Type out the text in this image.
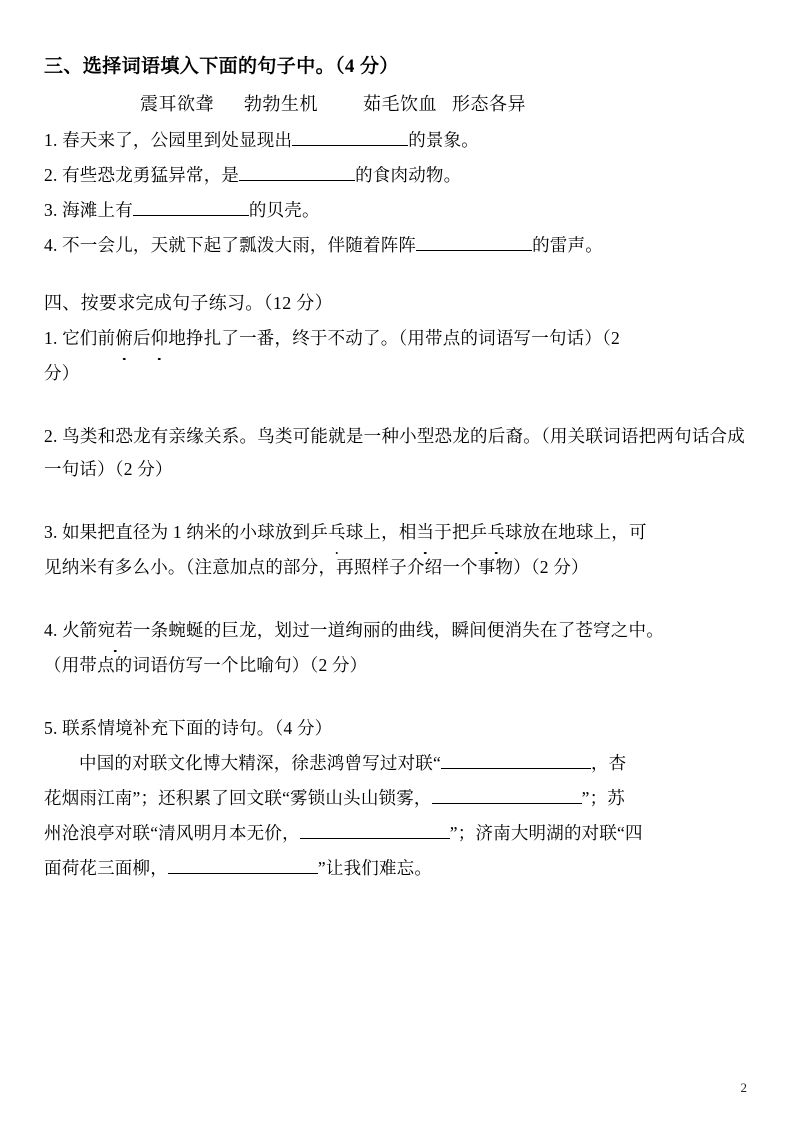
三、选择词语填入下面的句子中。（4 分）
震耳欲聋      勃勃生机         茹毛饮血   形态各异

1. 春天来了，公园里到处显现出	的景象。

2. 有些恐龙勇猛异常，是	的食肉动物。

3. 海滩上有	的贝壳。

4. 不一会儿，天就下起了瓢泼大雨，伴随着阵阵	的雷声。

四、按要求完成句子练习。（12 分）

1. 它们前俯后仰地挣扎了一番，终于不动了。（用带点的词语写一句话）（2

分）

2. 鸟类和恐龙有亲缘关系。鸟类可能就是一种小型恐龙的后裔。（用关联词语把两句话合成一句话）（2 分）

3. 如果把直径为 1 纳米的小球放到乒乓球上，相当于把乒乓球放在地球上，可

见纳米有多么小。（注意加点的部分，再照样子介绍一个事物）（2 分）

4. 火箭宛若一条蜿蜒的巨龙，划过一道绚丽的曲线，瞬间便消失在了苍穹之中。

（用带点的词语仿写一个比喻句）（2 分）

5. 联系情境补充下面的诗句。（4 分）

中国的对联文化博大精深，徐悲鸿曾写过对联“	，杏

花烟雨江南”；还积累了回文联“雾锁山头山锁雾，	”；苏

州沧浪亭对联“清风明月本无价，	”；济南大明湖的对联“四

面荷花三面柳，	”让我们难忘。

2
